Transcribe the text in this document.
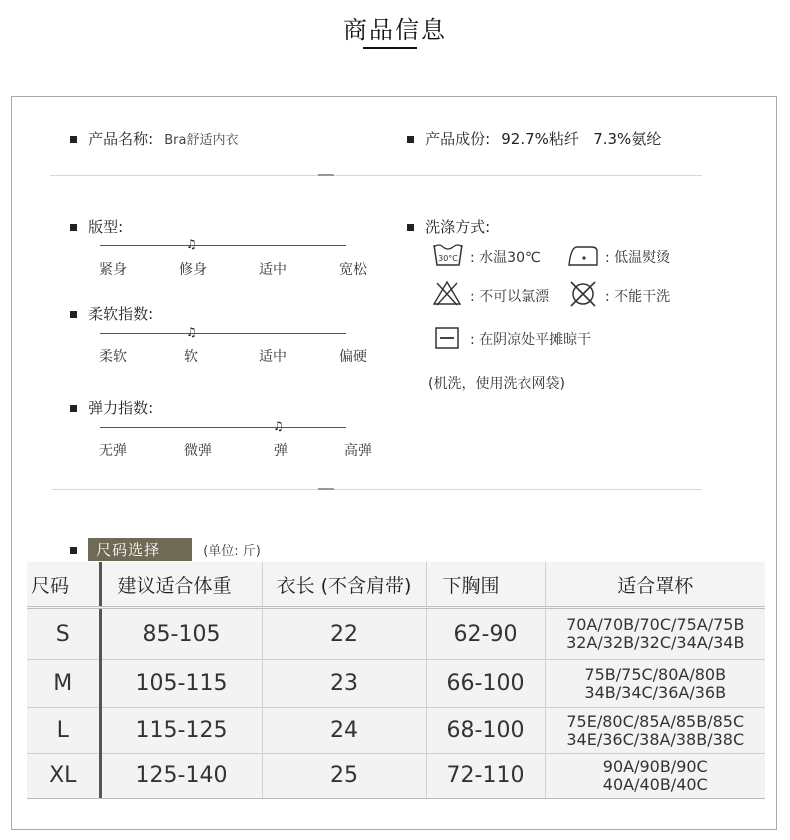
商品信息
产品名称: Bra舒适内衣	产品成份: 92.7%粘纤   7.3%氨纶
版型:
♫
紧身	修身	适中	宽松
柔软指数:
♫
柔软	软	适中	偏硬
弹力指数:
♫
无弹	微弹	弹	高弹
洗涤方式:
30°C : 水温30℃	: 低温熨烫
: 不可以氯漂	: 不能干洗
: 在阴凉处平摊晾干
(机洗，使用洗衣网袋)
尺码选择	(单位: 斤)
尺码	建议适合体重	衣长 (不含肩带)	下胸围	适合罩杯
S	85-105	22	62-90	70A/70B/70C/75A/75B
32A/32B/32C/34A/34B

M	105-115	23	66-100	75B/75C/80A/80B
34B/34C/36A/36B

L	115-125	24	68-100	75E/80C/85A/85B/85C
34E/36C/38A/38B/38C

XL	125-140	25	72-110	90A/90B/90C
40A/40B/40C
